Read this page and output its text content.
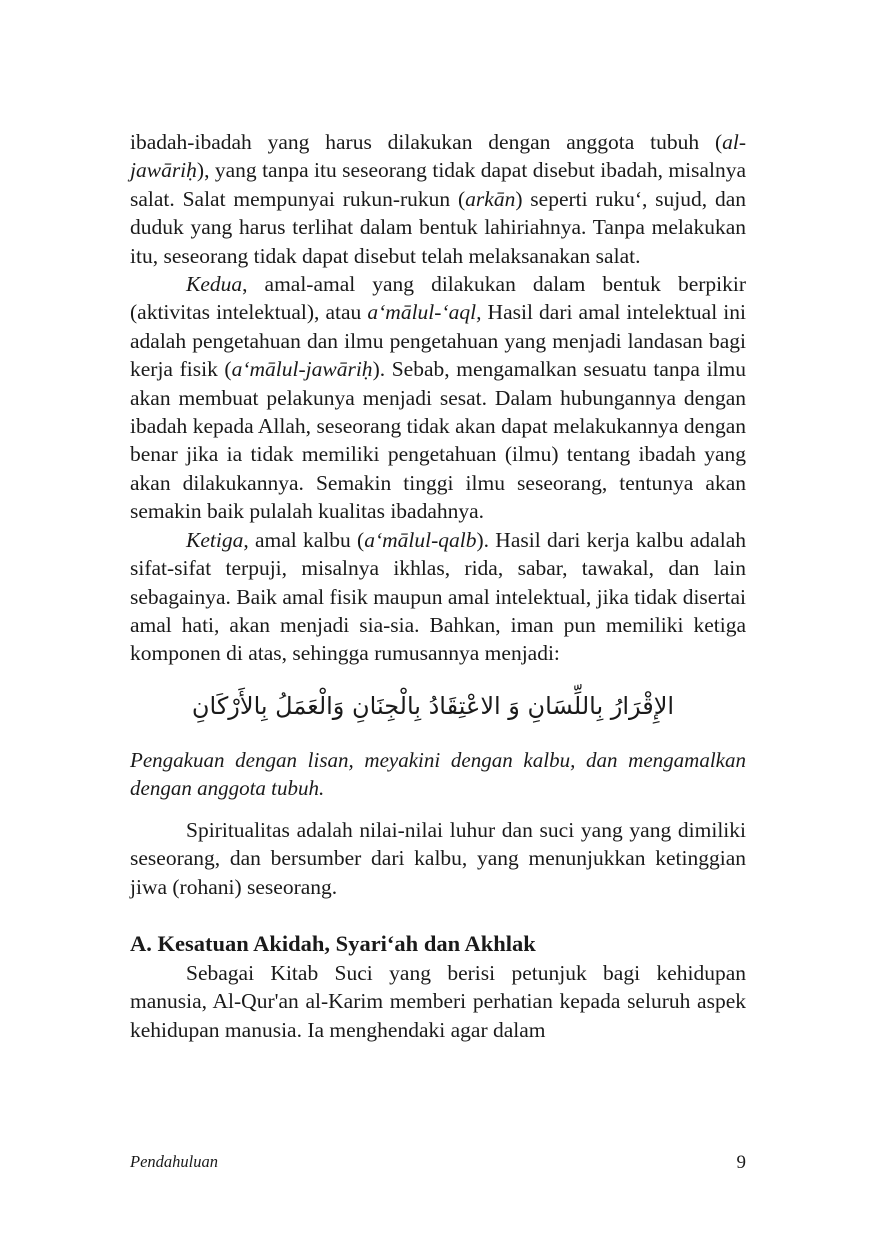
ibadah-ibadah yang harus dilakukan dengan anggota tubuh (al-jawāriḥ), yang tanpa itu seseorang tidak dapat disebut ibadah, misalnya salat. Salat mempunyai rukun-rukun (arkān) seperti ruku‘, sujud, dan duduk yang harus terlihat dalam bentuk lahiriahnya. Tanpa melakukan itu, seseorang tidak dapat disebut telah melaksanakan salat.

Kedua, amal-amal yang dilakukan dalam bentuk berpikir (aktivitas intelektual), atau a‘mālul-‘aql, Hasil dari amal intelektual ini adalah pengetahuan dan ilmu pengetahuan yang menjadi landasan bagi kerja fisik (a‘mālul-jawāriḥ). Sebab, mengamalkan sesuatu tanpa ilmu akan membuat pelakunya menjadi sesat. Dalam hubungannya dengan ibadah kepada Allah, seseorang tidak akan dapat melakukannya dengan benar jika ia tidak memiliki pengetahuan (ilmu) tentang ibadah yang akan dilakukannya. Semakin tinggi ilmu seseorang, tentunya akan semakin baik pulalah kualitas ibadahnya.

Ketiga, amal kalbu (a‘mālul-qalb). Hasil dari kerja kalbu adalah sifat-sifat terpuji, misalnya ikhlas, rida, sabar, tawakal, dan lain sebagainya. Baik amal fisik maupun amal intelektual, jika tidak disertai amal hati, akan menjadi sia-sia. Bahkan, iman pun memiliki ketiga komponen di atas, sehingga rumusannya menjadi:

الإِقْرَارُ بِاللِّسَانِ وَ الاعْتِقَادُ بِالْجِنَانِ وَالْعَمَلُ بِالأَرْكَانِ

Pengakuan dengan lisan, meyakini dengan kalbu, dan mengamalkan dengan anggota tubuh.

Spiritualitas adalah nilai-nilai luhur dan suci yang yang dimiliki seseorang, dan bersumber dari kalbu, yang menunjukkan ketinggian jiwa (rohani) seseorang.

A. Kesatuan Akidah, Syari‘ah dan Akhlak

Sebagai Kitab Suci yang berisi petunjuk bagi kehidupan manusia, Al-Qur'an al-Karim memberi perhatian kepada seluruh aspek kehidupan manusia. Ia menghendaki agar dalam

Pendahuluan	9
